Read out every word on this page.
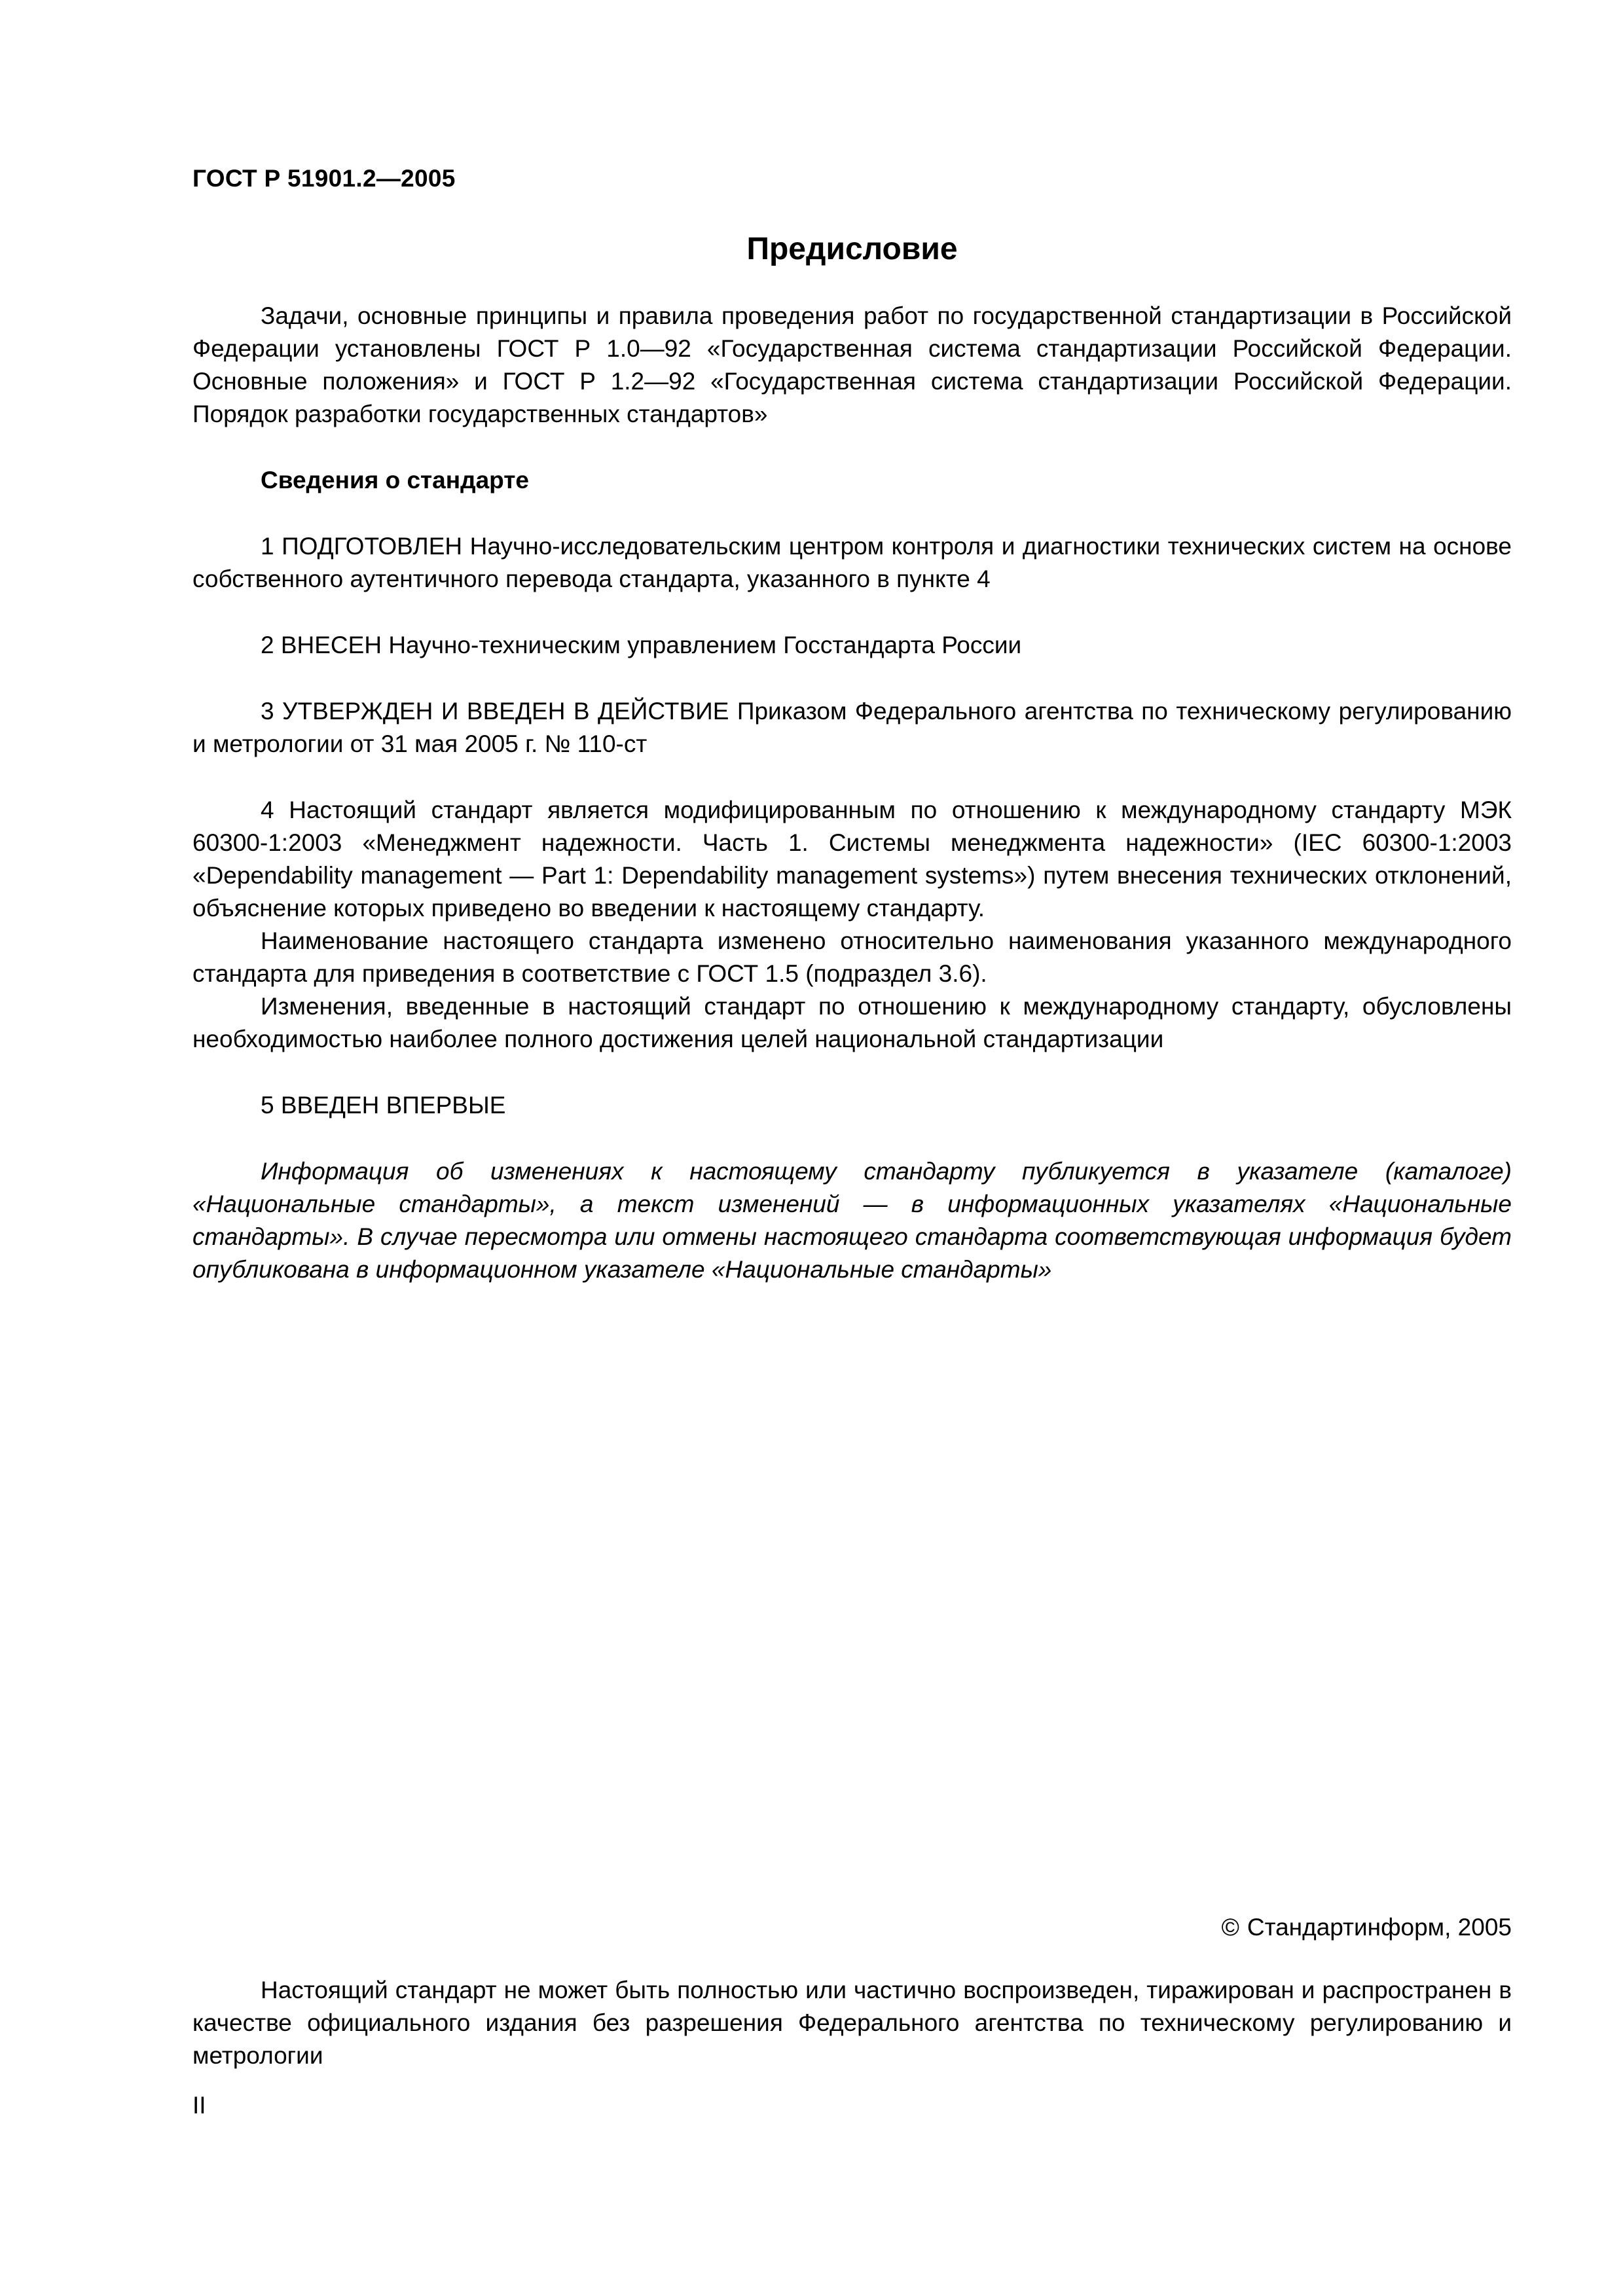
ГОСТ Р 51901.2—2005
Предисловие

Задачи, основные принципы и правила проведения работ по государственной стандартизации в Российской Федерации установлены ГОСТ Р 1.0—92 «Государственная система стандартизации Российской Федерации. Основные положения» и ГОСТ Р 1.2—92 «Государственная система стандартизации Российской Федерации. Порядок разработки государственных стандартов»

Сведения о стандарте

1 ПОДГОТОВЛЕН Научно-исследовательским центром контроля и диагностики технических систем на основе собственного аутентичного перевода стандарта, указанного в пункте 4

2 ВНЕСЕН Научно-техническим управлением Госстандарта России

3 УТВЕРЖДЕН И ВВЕДЕН В ДЕЙСТВИЕ Приказом Федерального агентства по техническому регулированию и метрологии от 31 мая 2005 г. № 110-ст

4 Настоящий стандарт является модифицированным по отношению к международному стандарту МЭК 60300-1:2003 «Менеджмент надежности. Часть 1. Системы менеджмента надежности» (IEC 60300-1:2003 «Dependability management — Part 1: Dependability management systems») путем внесения технических отклонений, объяснение которых приведено во введении к настоящему стандарту.

Наименование настоящего стандарта изменено относительно наименования указанного международного стандарта для приведения в соответствие с ГОСТ 1.5 (подраздел 3.6).

Изменения, введенные в настоящий стандарт по отношению к международному стандарту, обусловлены необходимостью наиболее полного достижения целей национальной стандартизации

5 ВВЕДЕН ВПЕРВЫЕ

Информация об изменениях к настоящему стандарту публикуется в указателе (каталоге) «Национальные стандарты», а текст изменений — в информационных указателях «Национальные стандарты». В случае пересмотра или отмены настоящего стандарта соответствующая информация будет опубликована в информационном указателе «Национальные стандарты»

© Стандартинформ, 2005

Настоящий стандарт не может быть полностью или частично воспроизведен, тиражирован и распространен в качестве официального издания без разрешения Федерального агентства по техническому регулированию и метрологии

II
